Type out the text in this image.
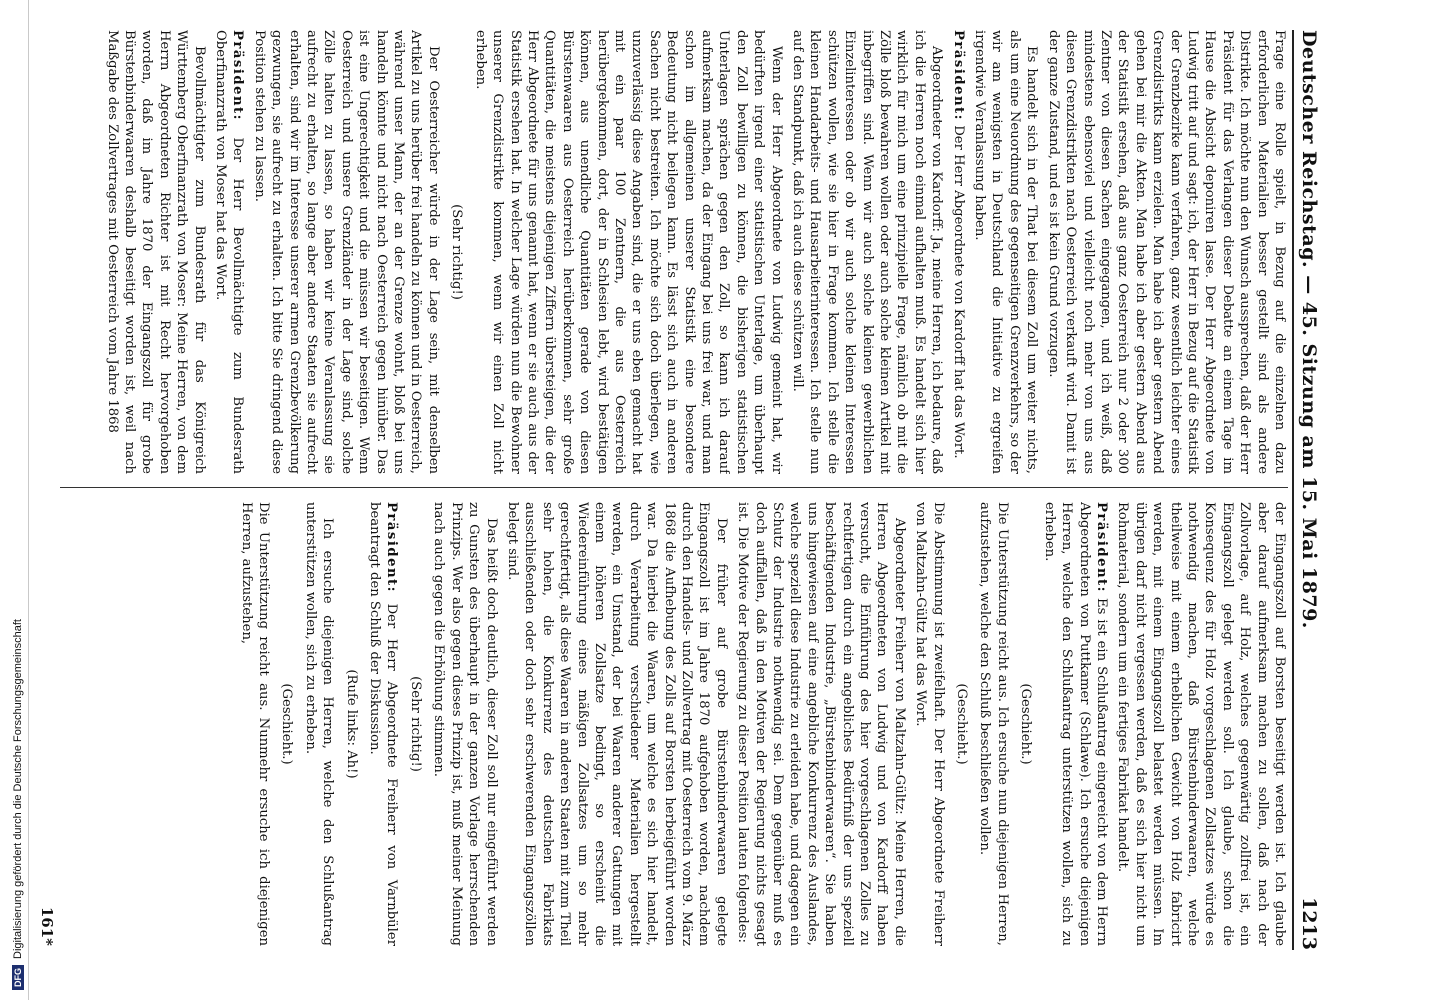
DFG
Digitalisierung gefördert durch die Deutsche Forschungsgemeinschaft
Deutscher Reichstag. — 45. Sitzung am 15. Mai 1879.
1213

Frage eine Rolle spielt, in Bezug auf die einzelnen dazu erforderlichen Materialien besser gestellt sind als andere Distrikte. Ich möchte nun den Wunsch aussprechen, daß der Herr Präsident für das Verlangen dieser Debatte an einem Tage im Hause die Absicht deponiren lasse. Der Herr Abgeordnete von Ludwig tritt auf und sagt: ich, der Herr in Bezug auf die Statistik der Grenzbezirke kann verfahren, ganz wesentlich leichter eines Grenzdistrikts kann erzielen. Man habe ich aber gestern Abend gehen bei mir die Akten. Man habe ich aber gestern Abend aus der Statistik ersehen, daß aus ganz Oesterreich nur 2 oder 300 Zentner von diesen Sachen eingegangen, und ich weiß, daß mindestens ebensoviel und vielleicht noch mehr von uns aus diesen Grenzdistrikten nach Oesterreich verkauft wird. Damit ist der ganze Zustand, und es ist kein Grund vorzugen.

Es handelt sich in der That bei diesem Zoll um weiter nichts, als um eine Neuordnung des gegenseitigen Grenzverkehrs, so der wir am wenigsten in Deutschland die Initiative zu ergreifen irgendwie Veranlassung haben.

Präsident: Der Herr Abgeordnete von Kardorff hat das Wort.

Abgeordneter von Kardorff: Ja, meine Herren, ich bedaure, daß ich die Herren noch einmal aufhalten muß. Es handelt sich hier wirklich für mich um eine prinzipielle Frage, nämlich ob mit die Zölle bloß bewahren wollen oder auch solche kleinen Artikel mit inbegriffen sind. Wenn wir auch solche kleinen gewerblichen Einzelinteressen oder ob wir auch solche kleinen Interessen schützen wollen, wie sie hier in Frage kommen. Ich stelle die kleinen Handarbeits- und Hausarbeiterinteressen. Ich stelle nun auf den Standpunkt, daß ich auch diese schützen will.

Wenn der Herr Abgeordnete von Ludwig gemeint hat, wir bedürften irgend einer statistischen Unterlage, um überhaupt den Zoll bewilligen zu können, die bisherigen statistischen Unterlagen sprächen gegen den Zoll, so kann ich darauf aufmerksam machen, da der Eingang bei uns frei war, und man schon im allgemeinen unserer Statistik eine besondere Bedeutung nicht beilegen kann. Es lässt sich auch in anderen Sachen nicht bestreiten. Ich möchte sich doch überlegen, wie unzuverlässig diese Angaben sind, die er uns eben gemacht hat mit ein paar 100 Zentnern, die aus Oesterreich herübergekommen, dort, der in Schlesien lebt, wird bestätigen können, aus unendliche Quantitäten gerade von diesen Bürstenwaaren aus Oesterreich herüberkommen, sehr große Quantitäten, die meistens diejenigen Ziffern übersteigen, die der Herr Abgeordnete für uns genannt hat, wenn er sie auch aus der Statistik ersehen hat. In welcher Lage würden nun die Bewohner unserer Grenzdistrikte kommen, wenn wir einen Zoll nicht erheben.

(Sehr richtig!)

Der Oesterreicher würde in der Lage sein, mit denselben Artikel zu uns herüber frei handeln zu können und in Oesterreich, während unser Mann, der an der Grenze wohnt, bloß bei uns handeln könnte und nicht nach Oesterreich gegen hinüber. Das ist eine Ungerechtigkeit und die müssen wir beseitigen. Wenn Oesterreich und unsere Grenzländer in der Lage sind, solche Zölle halten zu lassen, so haben wir keine Veranlassung sie aufrecht zu erhalten, so lange aber andere Staaten sie aufrecht erhalten, sind wir im Interesse unserer armen Grenzbevölkerung gezwungen, sie aufrecht zu erhalten. Ich bitte Sie dringend diese Position stehen zu lassen.

Präsident: Der Herr Bevollmächtigte zum Bundesrath Oberfinanzrath von Moser hat das Wort.

Bevollmächtigter zum Bundesrath für das Königreich Württemberg Oberfinanzrath von Moser: Meine Herren, von dem Herrn Abgeordneten Richter ist mit Recht hervorgehoben worden, daß im Jahre 1870 der Eingangszoll für grobe Bürstenbinderwaaren deshalb beseitigt worden ist, weil nach Maßgabe des Zollvertrages mit Oesterreich vom Jahre 1868

der Eingangszoll auf Borsten beseitigt werden ist. Ich glaube aber darauf aufmerksam machen zu sollen, daß nach der Zollvorlage, auf Holz, welches gegenwärtig zollfrei ist, ein Eingangszoll gelegt werden soll. Ich glaube, schon die Konsequenz des für Holz vorgeschlagenen Zollsatzes würde es nothwendig machen, daß Bürstenbinderwaaren, welche theilweise mit einem erheblichen Gewicht von Holz fabricirt werden, mit einem Eingangszoll belastet werden müssen. Im übrigen darf nicht vergessen werden, daß es sich hier nicht um Rohmaterial, sondern um ein fertiges Fabrikat handelt.

Präsident: Es ist ein Schlußantrag eingereicht von dem Herrn Abgeordneten von Puttkamer (Schlawe). Ich ersuche diejenigen Herren, welche den Schlußantrag unterstützen wollen, sich zu erheben.

(Geschieht.)

Die Unterstützung reicht aus. Ich ersuche nun diejenigen Herren, aufzustehen, welche den Schluß beschließen wollen.

(Geschieht.)

Die Abstimmung ist zweifelhaft. Der Herr Abgeordnete Freiherr von Maltzahn-Gültz hat das Wort.

Abgeordneter Freiherr von Maltzahn-Gültz: Meine Herren, die Herren Abgeordneten von Ludwig und von Kardorff haben versucht, die Einführung des hier vorgeschlagenen Zolles zu rechtfertigen durch ein angebliches Bedürfniß der uns speziell beschäftigenden Industrie, „Bürstenbinderwaaren“. Sie haben uns hingewiesen auf eine angebliche Konkurrenz des Auslandes, welche speziell diese Industrie zu erleiden habe, und dagegen ein Schutz der Industrie nothwendig sei. Dem gegenüber muß es doch auffallen, daß in den Motiven der Regierung nichts gesagt ist. Die Motive der Regierung zu dieser Position lauten folgendes:

Der früher auf grobe Bürstenbinderwaaren gelegte Eingangszoll ist im Jahre 1870 aufgehoben worden, nachdem durch den Handels- und Zollvertrag mit Oesterreich vom 9. März 1868 die Aufhebung des Zolls auf Borsten herbeigeführt worden war. Da hierbei die Waaren, um welche es sich hier handelt, durch Verarbeitung verschiedener Materialien hergestellt werden, ein Umstand, der bei Waaren anderer Gattungen mit einem höheren Zollsatze bedingt, so erscheint die Wiedereinführung eines mäßigen Zollsatzes um so mehr gerechtfertigt, als diese Waaren in anderen Staaten mit zum Theil sehr hohen, die Konkurrenz des deutschen Fabrikats ausschließenden oder doch sehr erschwerenden Eingangszöllen belegt sind.

Das heißt doch deutlich, dieser Zoll soll nur eingeführt werden zu Gunsten des überhaupt in der ganzen Vorlage herrschenden Prinzips. Wer also gegen dieses Prinzip ist, muß meiner Meinung nach auch gegen die Erhöhung stimmen.

(Sehr richtig!)

Präsident: Der Herr Abgeordnete Freiherr von Varnbüler beantragt den Schluß der Diskussion.

(Rufe links: Ah!)

Ich ersuche diejenigen Herren, welche den Schlußantrag unterstützen wollen, sich zu erheben.

(Geschieht.)

Die Unterstützung reicht aus. Nunmehr ersuche ich diejenigen Herren, aufzustehen,

161*
